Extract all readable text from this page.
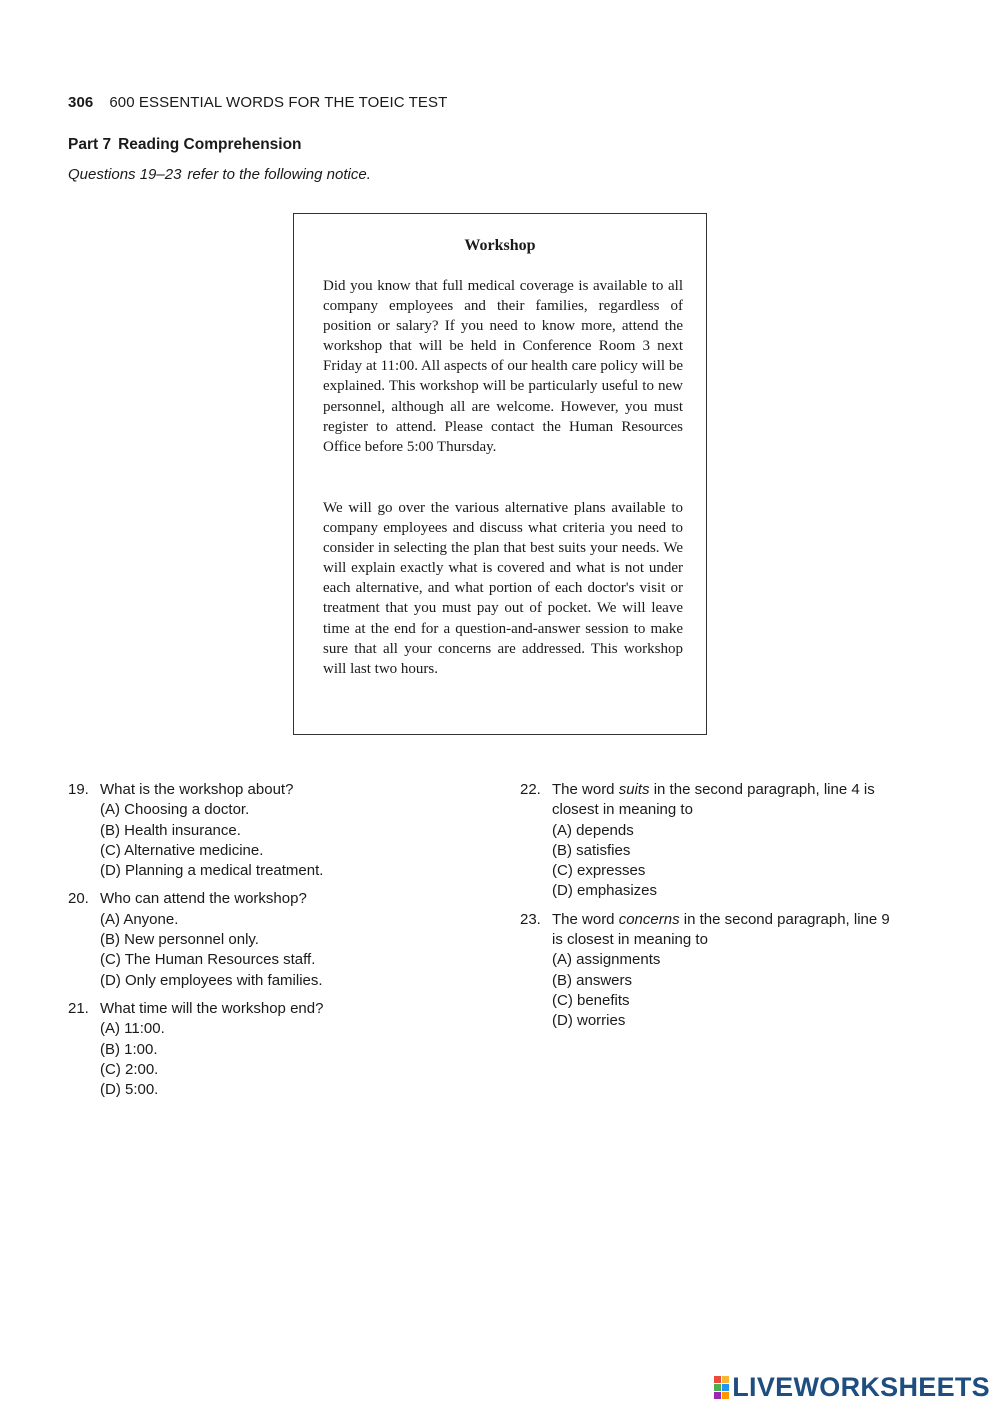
306 600 ESSENTIAL WORDS FOR THE TOEIC TEST
Part 7 Reading Comprehension
Questions 19–23 refer to the following notice.
Workshop

Did you know that full medical coverage is available to all company employees and their families, regardless of position or salary? If you need to know more, attend the workshop that will be held in Conference Room 3 next Friday at 11:00. All aspects of our health care policy will be explained. This workshop will be particularly useful to new personnel, although all are welcome. However, you must register to attend. Please contact the Human Resources Office before 5:00 Thursday.

We will go over the various alternative plans available to company employees and discuss what criteria you need to consider in selecting the plan that best suits your needs. We will explain exactly what is covered and what is not under each alternative, and what portion of each doctor's visit or treatment that you must pay out of pocket. We will leave time at the end for a question-and-answer session to make sure that all your concerns are addressed. This workshop will last two hours.

19. What is the workshop about?
(A) Choosing a doctor.
(B) Health insurance.
(C) Alternative medicine.
(D) Planning a medical treatment.
20. Who can attend the workshop?
(A) Anyone.
(B) New personnel only.
(C) The Human Resources staff.
(D) Only employees with families.
21. What time will the workshop end?
(A) 11:00.
(B) 1:00.
(C) 2:00.
(D) 5:00.
22. The word suits in the second paragraph, line 4 is
closest in meaning to
(A) depends
(B) satisfies
(C) expresses
(D) emphasizes
23. The word concerns in the second paragraph, line 9
is closest in meaning to
(A) assignments
(B) answers
(C) benefits
(D) worries
LIVEWORKSHEETS
